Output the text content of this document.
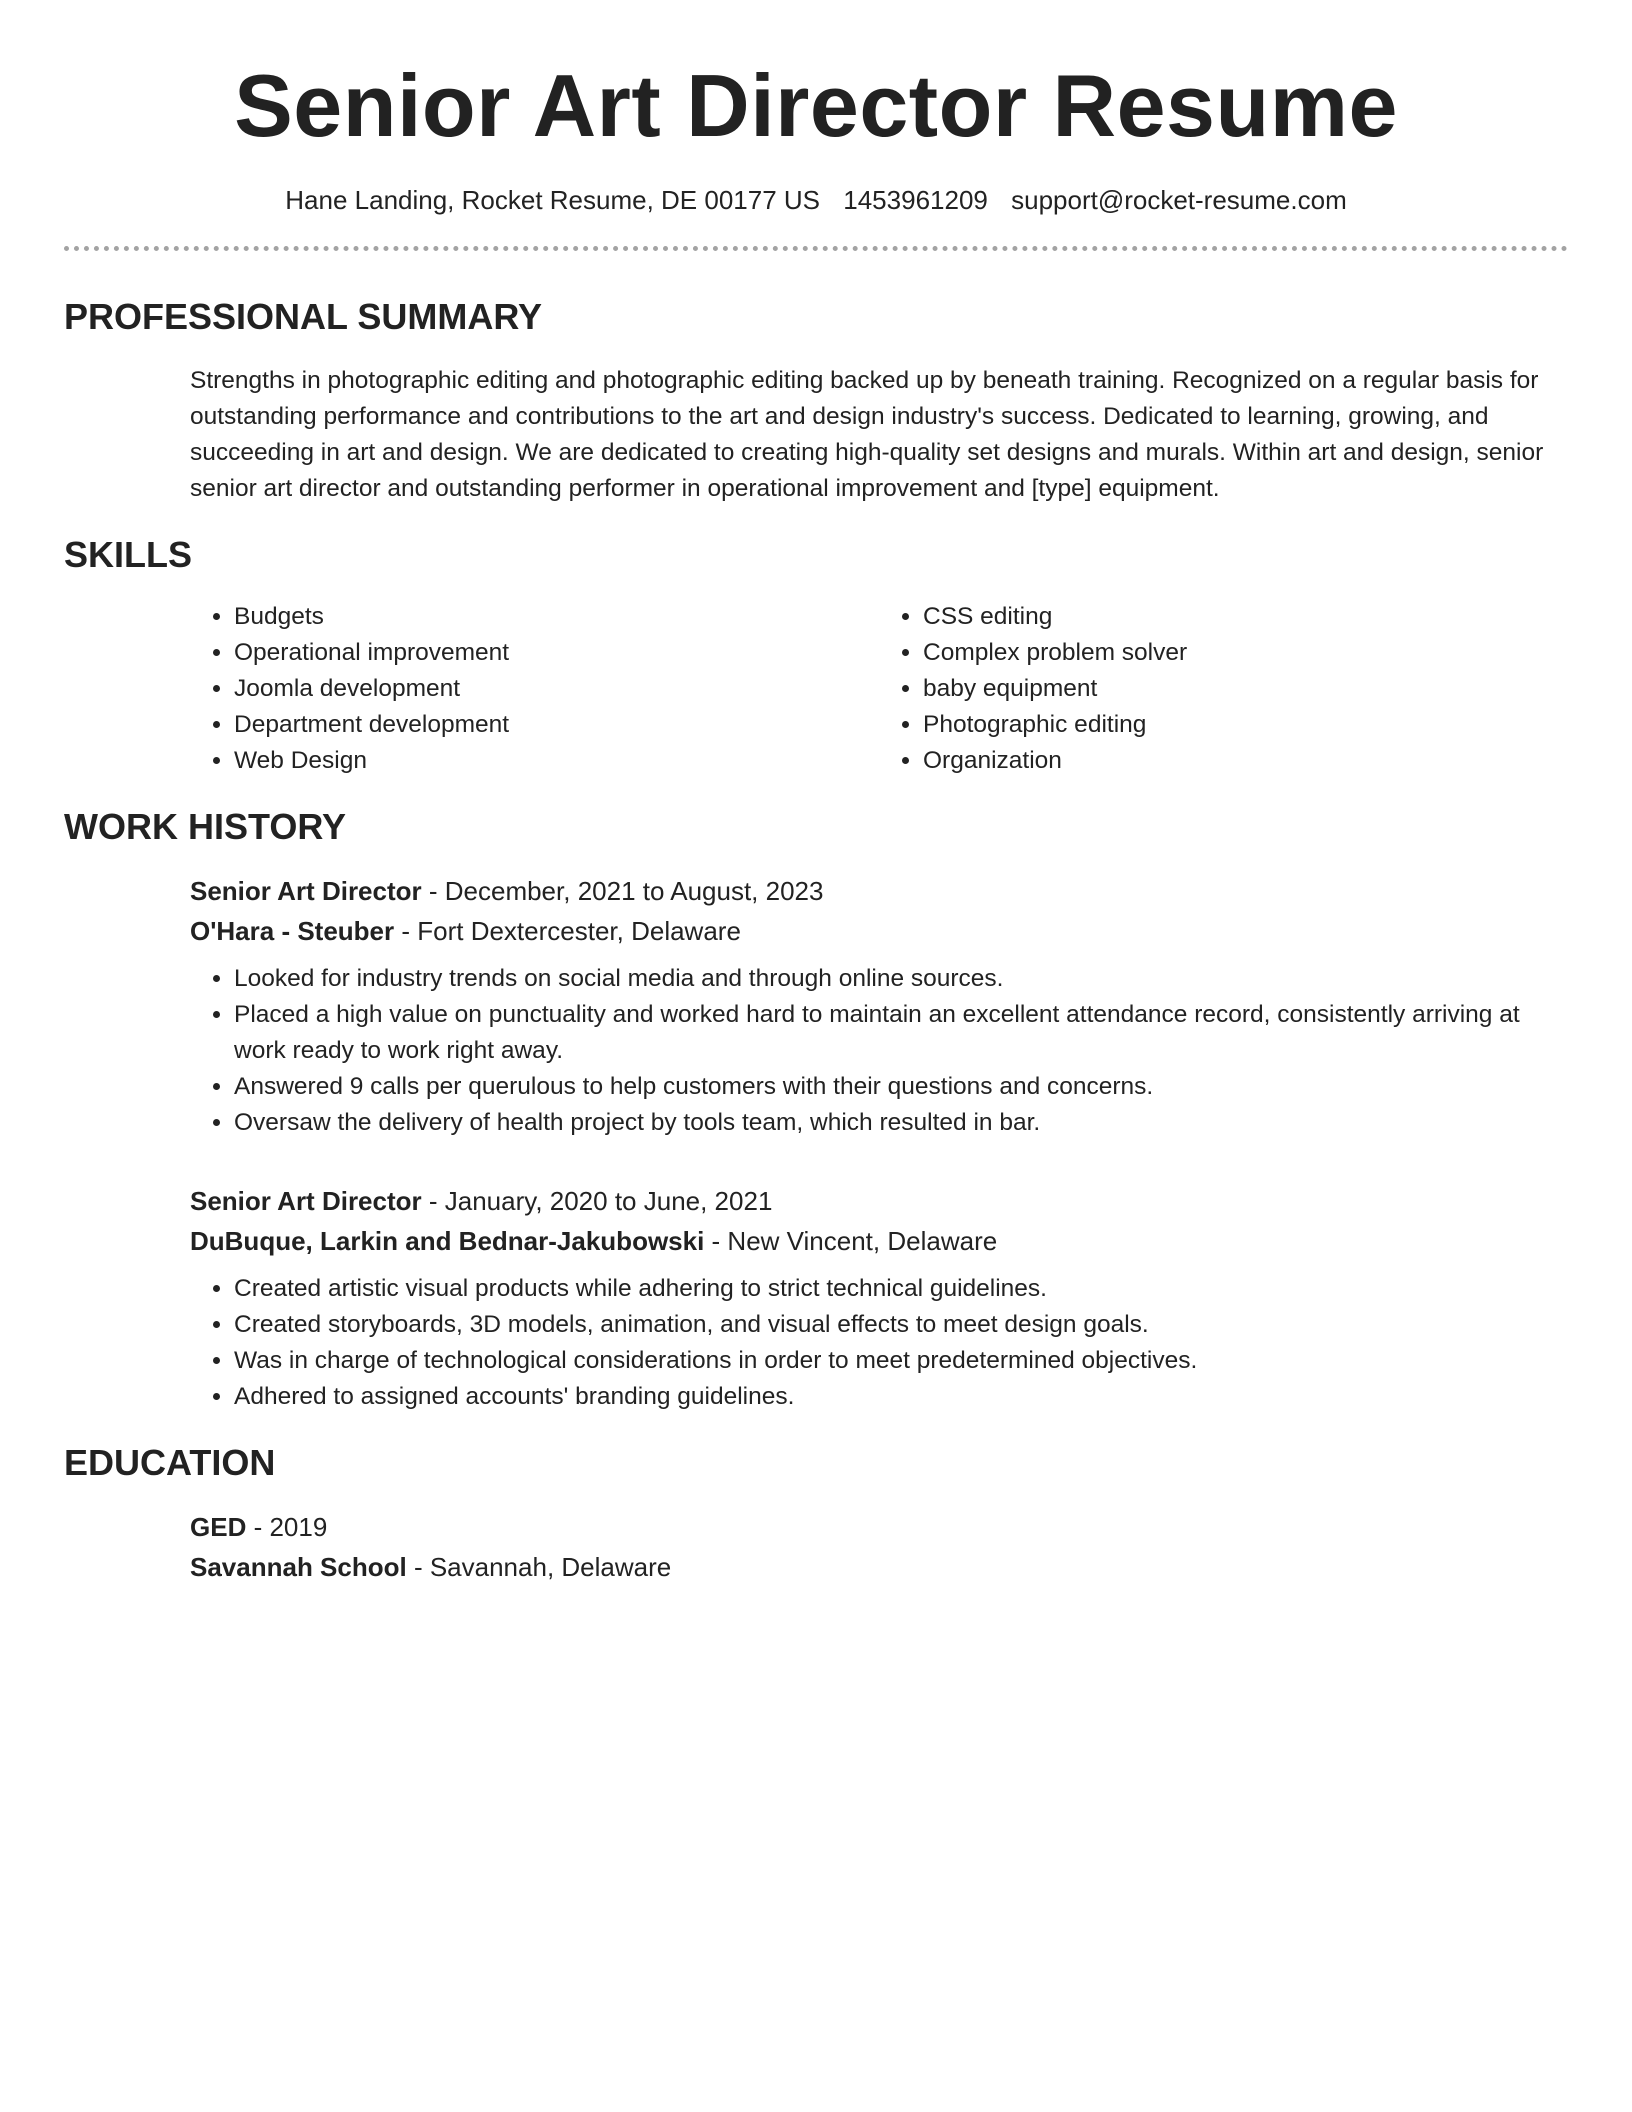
Senior Art Director Resume
Hane Landing, Rocket Resume, DE 00177 US 1453961209 support@rocket-resume.com
PROFESSIONAL SUMMARY

Strengths in photographic editing and photographic editing backed up by beneath training. Recognized on a regular basis for outstanding performance and contributions to the art and design industry's success. Dedicated to learning, growing, and succeeding in art and design. We are dedicated to creating high-quality set designs and murals. Within art and design, senior senior art director and outstanding performer in operational improvement and [type] equipment.

SKILLS
• Budgets
• Operational improvement
• Joomla development
• Department development
• Web Design
• CSS editing
• Complex problem solver
• baby equipment
• Photographic editing
• Organization
WORK HISTORY
Senior Art Director - December, 2021 to August, 2023
O'Hara - Steuber - Fort Dextercester, Delaware
• Looked for industry trends on social media and through online sources.
• Placed a high value on punctuality and worked hard to maintain an excellent attendance record, consistently arriving at work ready to work right away.
• Answered 9 calls per querulous to help customers with their questions and concerns.
• Oversaw the delivery of health project by tools team, which resulted in bar.
Senior Art Director - January, 2020 to June, 2021
DuBuque, Larkin and Bednar-Jakubowski - New Vincent, Delaware
• Created artistic visual products while adhering to strict technical guidelines.
• Created storyboards, 3D models, animation, and visual effects to meet design goals.
• Was in charge of technological considerations in order to meet predetermined objectives.
• Adhered to assigned accounts' branding guidelines.
EDUCATION
GED - 2019
Savannah School - Savannah, Delaware
